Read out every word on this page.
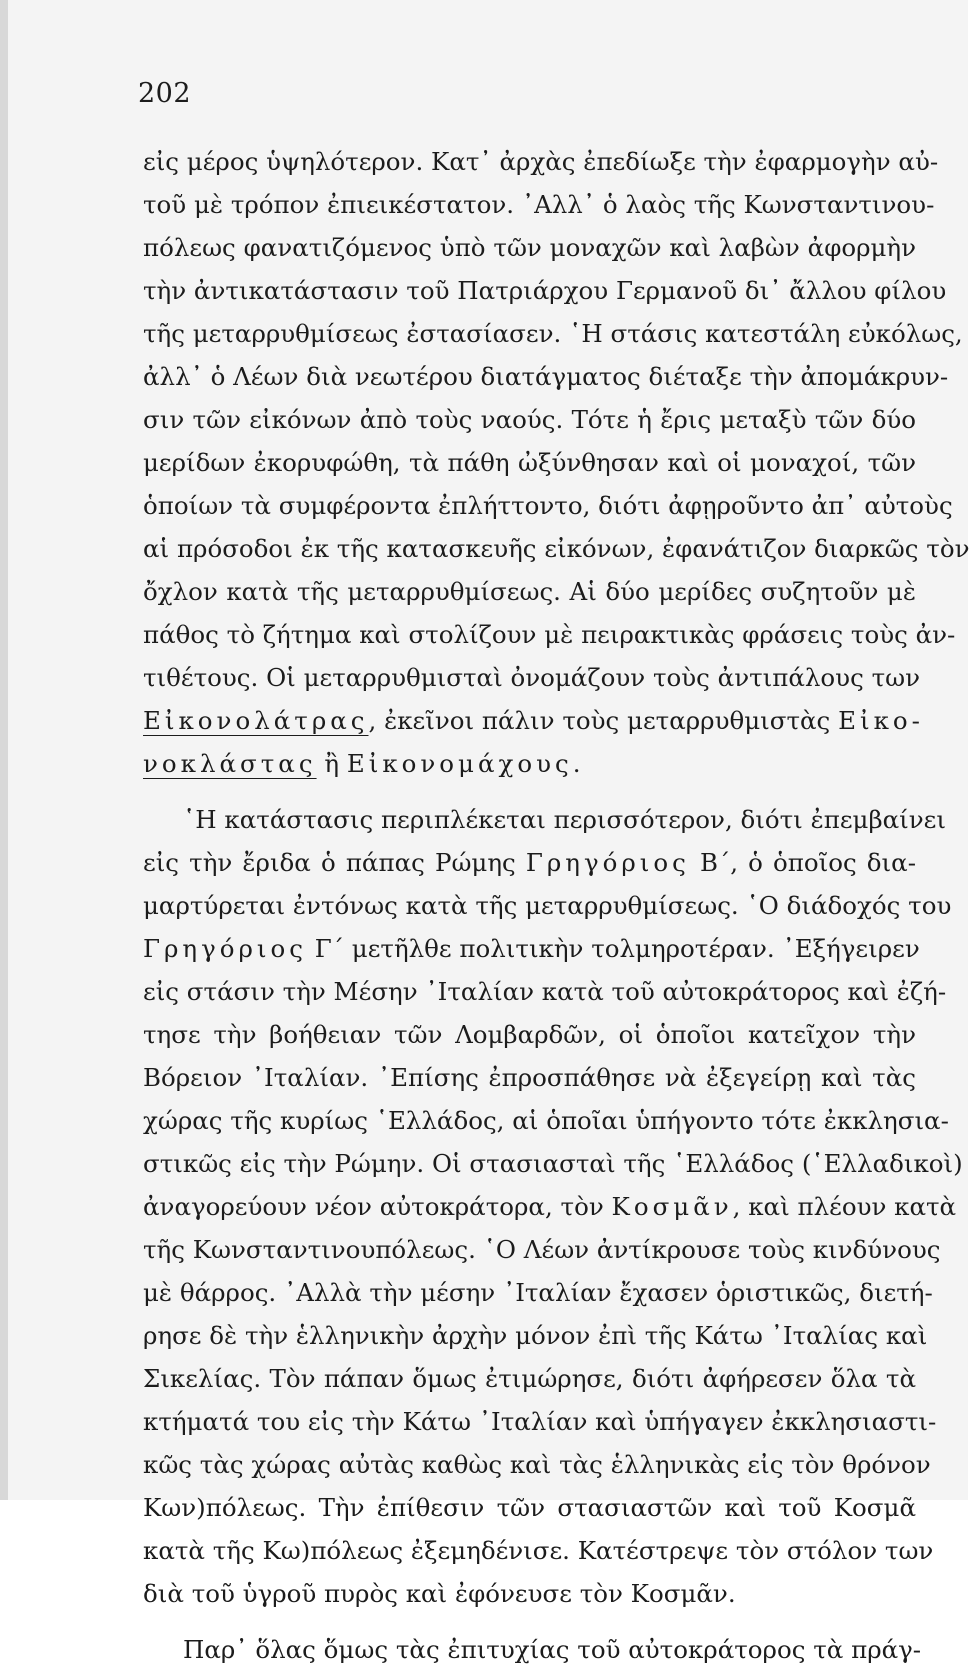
202
εἰς μέρος ὑψηλότερον. Κατ᾽ ἀρχὰς ἐπεδίωξε τὴν ἐφαρμογὴν αὐ-
τοῦ μὲ τρόπον ἐπιεικέστατον. ᾽Αλλ᾽ ὁ λαὸς τῆς Κωνσταντινου-
πόλεως φανατιζόμενος ὑπὸ τῶν μοναχῶν καὶ λαβὼν ἀφορμὴν
τὴν ἀντικατάστασιν τοῦ Πατριάρχου Γερμανοῦ δι᾽ ἄλλου φίλου
τῆς μεταρρυθμίσεως ἐστασίασεν. ῾Η στάσις κατεστάλη εὐκόλως,
ἀλλ᾽ ὁ Λέων διὰ νεωτέρου διατάγματος διέταξε τὴν ἀπομάκρυν-
σιν τῶν εἰκόνων ἀπὸ τοὺς ναούς. Τότε ἡ ἔρις μεταξὺ τῶν δύο
μερίδων ἐκορυφώθη, τὰ πάθη ὠξύνθησαν καὶ οἱ μοναχοί, τῶν
ὁποίων τὰ συμφέροντα ἐπλήττοντο, διότι ἀφῃροῦντο ἀπ᾽ αὐτοὺς
αἱ πρόσοδοι ἐκ τῆς κατασκευῆς εἰκόνων, ἐφανάτιζον διαρκῶς τὸν
ὄχλον κατὰ τῆς μεταρρυθμίσεως. Αἱ δύο μερίδες συζητοῦν μὲ
πάθος τὸ ζήτημα καὶ στολίζουν μὲ πειρακτικὰς φράσεις τοὺς ἀν-
τιθέτους. Οἱ μεταρρυθμισταὶ ὀνομάζουν τοὺς ἀντιπάλους των
Εἰκονολάτρας, ἐκεῖνοι πάλιν τοὺς μεταρρυθμιστὰς Εἰκο-
νοκλάστας ἢ Εἰκονομάχους.
῾Η κατάστασις περιπλέκεται περισσότερον, διότι ἐπεμβαίνει
εἰς τὴν ἔριδα ὁ πάπας Ρώμης Γρηγόριος Β΄, ὁ ὁποῖος δια-
μαρτύρεται ἐντόνως κατὰ τῆς μεταρρυθμίσεως. ῾Ο διάδοχός του
Γρηγόριος Γ΄ μετῆλθε πολιτικὴν τολμηροτέραν. ᾽Εξήγειρεν
εἰς στάσιν τὴν Μέσην ᾽Ιταλίαν κατὰ τοῦ αὐτοκράτορος καὶ ἐζή-
τησε τὴν βοήθειαν τῶν Λομβαρδῶν, οἱ ὁποῖοι κατεῖχον τὴν
Βόρειον ᾽Ιταλίαν. ᾽Επίσης ἐπροσπάθησε νὰ ἐξεγείρῃ καὶ τὰς
χώρας τῆς κυρίως ῾Ελλάδος, αἱ ὁποῖαι ὑπήγοντο τότε ἐκκλησια-
στικῶς εἰς τὴν Ρώμην. Οἱ στασιασταὶ τῆς ῾Ελλάδος (῾Ελλαδικοὶ)
ἀναγορεύουν νέον αὐτοκράτορα, τὸν Κοσμᾶν, καὶ πλέουν κατὰ
τῆς Κωνσταντινουπόλεως. ῾Ο Λέων ἀντίκρουσε τοὺς κινδύνους
μὲ θάρρος. ᾽Αλλὰ τὴν μέσην ᾽Ιταλίαν ἔχασεν ὁριστικῶς, διετή-
ρησε δὲ τὴν ἑλληνικὴν ἀρχὴν μόνον ἐπὶ τῆς Κάτω ᾽Ιταλίας καὶ
Σικελίας. Τὸν πάπαν ὅμως ἐτιμώρησε, διότι ἀφήρεσεν ὅλα τὰ
κτήματά του εἰς τὴν Κάτω ᾽Ιταλίαν καὶ ὑπήγαγεν ἐκκλησιαστι-
κῶς τὰς χώρας αὐτὰς καθὼς καὶ τὰς ἑλληνικὰς εἰς τὸν θρόνον
Κων)πόλεως. Τὴν ἐπίθεσιν τῶν στασιαστῶν καὶ τοῦ Κοσμᾶ
κατὰ τῆς Κω)πόλεως ἐξεμηδένισε. Κατέστρεψε τὸν στόλον των
διὰ τοῦ ὑγροῦ πυρὸς καὶ ἐφόνευσε τὸν Κοσμᾶν.
Παρ᾽ ὅλας ὅμως τὰς ἐπιτυχίας τοῦ αὐτοκράτορος τὰ πράγ-
